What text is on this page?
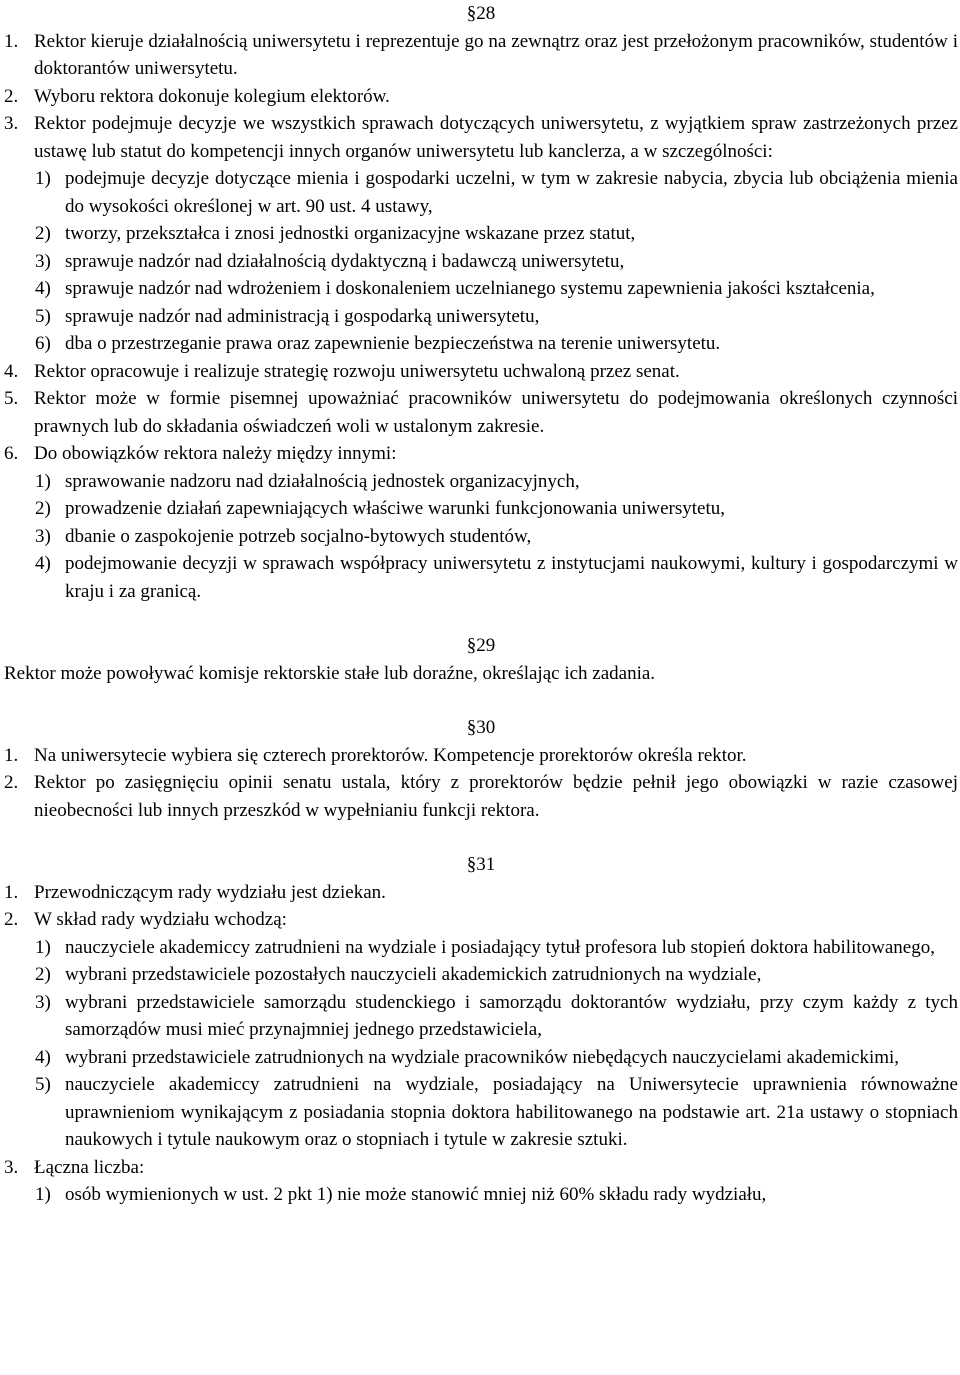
§28
1. Rektor kieruje działalnością uniwersytetu i reprezentuje go na zewnątrz oraz jest przełożonym pracowników, studentów i doktorantów uniwersytetu.
2. Wyboru rektora dokonuje kolegium elektorów.
3. Rektor podejmuje decyzje we wszystkich sprawach dotyczących uniwersytetu, z wyjątkiem spraw zastrzeżonych przez ustawę lub statut do kompetencji innych organów uniwersytetu lub kanclerza, a w szczególności:
1) podejmuje decyzje dotyczące mienia i gospodarki uczelni, w tym w zakresie nabycia, zbycia lub obciążenia mienia do wysokości określonej w art. 90 ust. 4 ustawy,
2) tworzy, przekształca i znosi jednostki organizacyjne wskazane przez statut,
3) sprawuje nadzór nad działalnością dydaktyczną i badawczą uniwersytetu,
4) sprawuje nadzór nad wdrożeniem i doskonaleniem uczelnianego systemu zapewnienia jakości kształcenia,
5) sprawuje nadzór nad administracją i gospodarką uniwersytetu,
6) dba o przestrzeganie prawa oraz zapewnienie bezpieczeństwa na terenie uniwersytetu.
4. Rektor opracowuje i realizuje strategię rozwoju uniwersytetu uchwaloną przez senat.
5. Rektor może w formie pisemnej upoważniać pracowników uniwersytetu do podejmowania określonych czynności prawnych lub do składania oświadczeń woli w ustalonym zakresie.
6. Do obowiązków rektora należy między innymi:
1) sprawowanie nadzoru nad działalnością jednostek organizacyjnych,
2) prowadzenie działań zapewniających właściwe warunki funkcjonowania uniwersytetu,
3) dbanie o zaspokojenie potrzeb socjalno-bytowych studentów,
4) podejmowanie decyzji w sprawach współpracy uniwersytetu z instytucjami naukowymi, kultury i gospodarczymi w kraju i za granicą.
§29
Rektor może powoływać komisje rektorskie stałe lub doraźne, określając ich zadania.
§30
1. Na uniwersytecie wybiera się czterech prorektorów. Kompetencje prorektorów określa rektor.
2. Rektor po zasięgnięciu opinii senatu ustala, który z prorektorów będzie pełnił jego obowiązki w razie czasowej nieobecności lub innych przeszkód w wypełnianiu funkcji rektora.
§31
1. Przewodniczącym rady wydziału jest dziekan.
2. W skład rady wydziału wchodzą:
1) nauczyciele akademiccy zatrudnieni na wydziale i posiadający tytuł profesora lub stopień doktora habilitowanego,
2) wybrani przedstawiciele pozostałych nauczycieli akademickich zatrudnionych na wydziale,
3) wybrani przedstawiciele samorządu studenckiego i samorządu doktorantów wydziału, przy czym każdy z tych samorządów musi mieć przynajmniej jednego przedstawiciela,
4) wybrani przedstawiciele zatrudnionych na wydziale pracowników niebędących nauczycielami akademickimi,
5) nauczyciele akademiccy zatrudnieni na wydziale, posiadający na Uniwersytecie uprawnienia równoważne uprawnieniom wynikającym z posiadania stopnia doktora habilitowanego na podstawie art. 21a ustawy o stopniach naukowych i tytule naukowym oraz o stopniach i tytule w zakresie sztuki.
3. Łączna liczba:
1) osób wymienionych w ust. 2 pkt 1) nie może stanowić mniej niż 60% składu rady wydziału,
